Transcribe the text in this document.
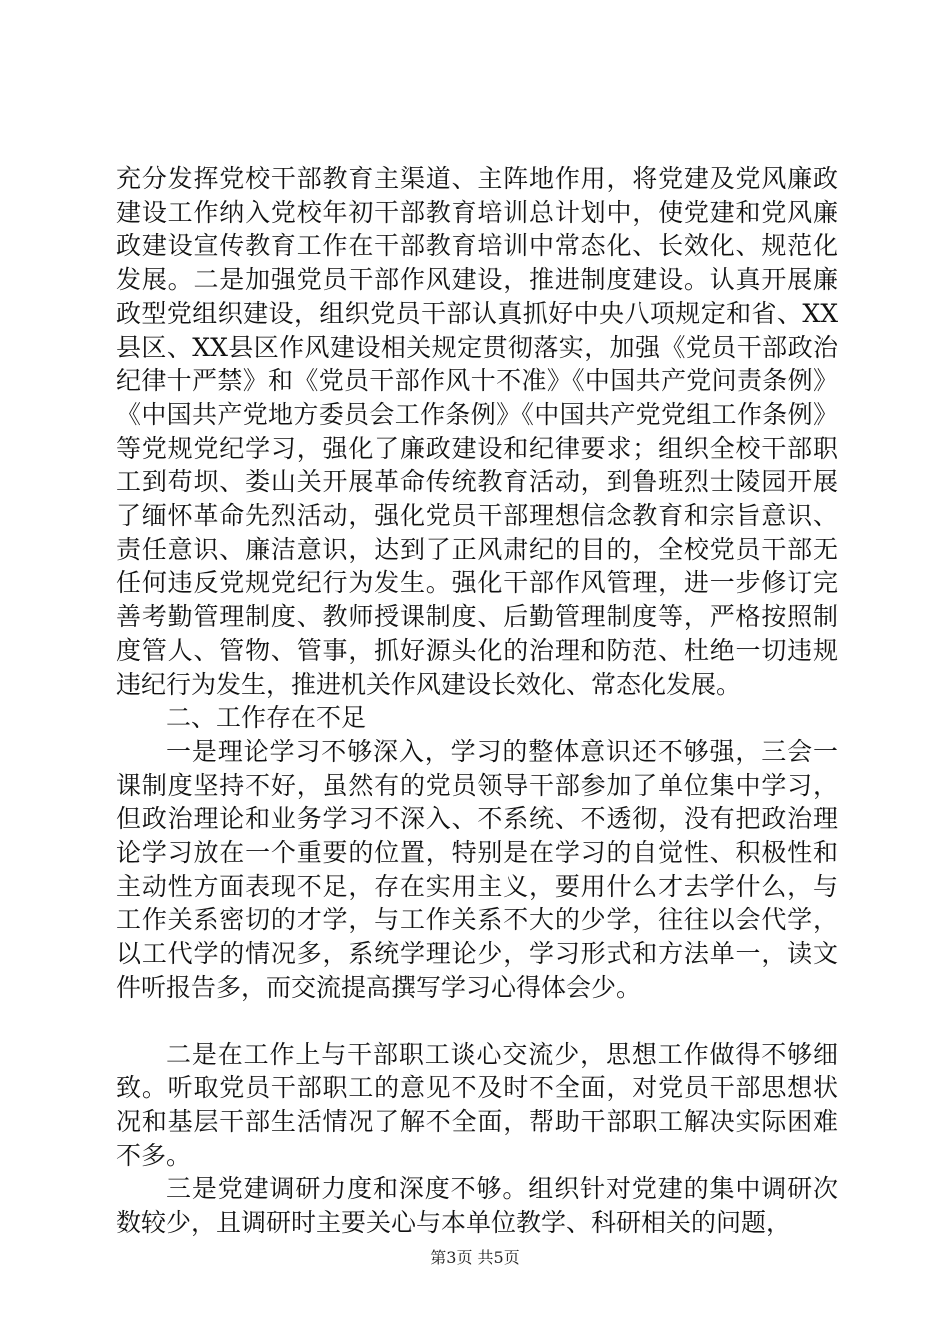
充分发挥党校干部教育主渠道、主阵地作用，将党建及党风廉政建设工作纳入党校年初干部教育培训总计划中，使党建和党风廉政建设宣传教育工作在干部教育培训中常态化、长效化、规范化发展。二是加强党员干部作风建设，推进制度建设。认真开展廉政型党组织建设，组织党员干部认真抓好中央八项规定和省、XX县区、XX县区作风建设相关规定贯彻落实，加强《党员干部政治纪律十严禁》和《党员干部作风十不准》《中国共产党问责条例》《中国共产党地方委员会工作条例》《中国共产党党组工作条例》等党规党纪学习，强化了廉政建设和纪律要求；组织全校干部职工到苟坝、娄山关开展革命传统教育活动，到鲁班烈士陵园开展了缅怀革命先烈活动，强化党员干部理想信念教育和宗旨意识、责任意识、廉洁意识，达到了正风肃纪的目的，全校党员干部无任何违反党规党纪行为发生。强化干部作风管理，进一步修订完善考勤管理制度、教师授课制度、后勤管理制度等，严格按照制度管人、管物、管事，抓好源头化的治理和防范、杜绝一切违规违纪行为发生，推进机关作风建设长效化、常态化发展。

二、工作存在不足

一是理论学习不够深入，学习的整体意识还不够强，三会一课制度坚持不好，虽然有的党员领导干部参加了单位集中学习，但政治理论和业务学习不深入、不系统、不透彻，没有把政治理论学习放在一个重要的位置，特别是在学习的自觉性、积极性和主动性方面表现不足，存在实用主义，要用什么才去学什么，与工作关系密切的才学，与工作关系不大的少学，往往以会代学，以工代学的情况多，系统学理论少，学习形式和方法单一，读文件听报告多，而交流提高撰写学习心得体会少。

二是在工作上与干部职工谈心交流少，思想工作做得不够细致。听取党员干部职工的意见不及时不全面，对党员干部思想状况和基层干部生活情况了解不全面，帮助干部职工解决实际困难不多。

三是党建调研力度和深度不够。组织针对党建的集中调研次数较少，且调研时主要关心与本单位教学、科研相关的问题，

第3页 共5页
